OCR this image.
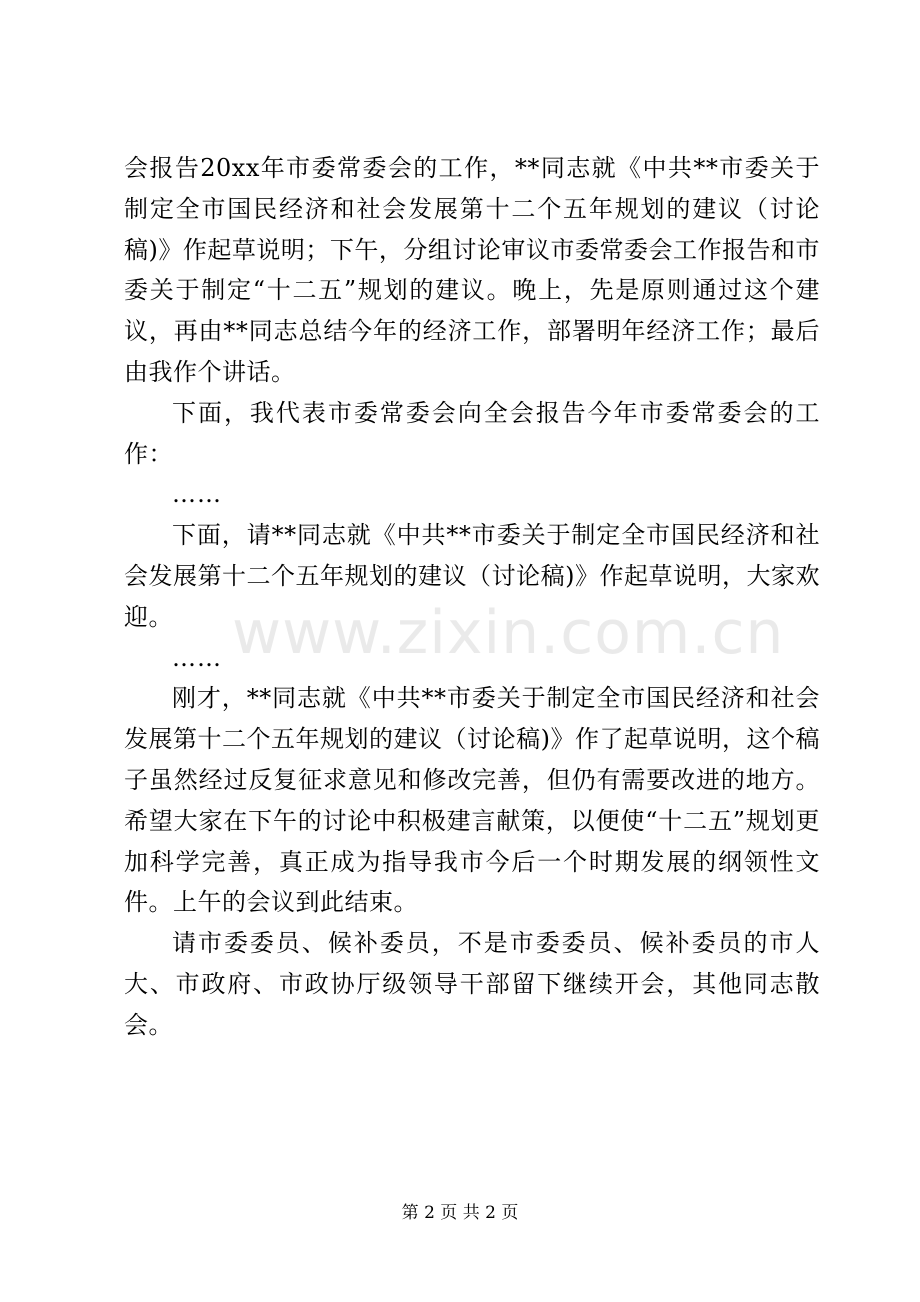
www.zixin.com.cn

会报告20xx年市委常委会的工作，**同志就《中共**市委关于制定全市国民经济和社会发展第十二个五年规划的建议（讨论稿)》作起草说明；下午，分组讨论审议市委常委会工作报告和市委关于制定“十二五”规划的建议。晚上，先是原则通过这个建议，再由**同志总结今年的经济工作，部署明年经济工作；最后由我作个讲话。

下面，我代表市委常委会向全会报告今年市委常委会的工作：

……

下面，请**同志就《中共**市委关于制定全市国民经济和社会发展第十二个五年规划的建议（讨论稿)》作起草说明，大家欢迎。

……

刚才，**同志就《中共**市委关于制定全市国民经济和社会发展第十二个五年规划的建议（讨论稿)》作了起草说明，这个稿子虽然经过反复征求意见和修改完善，但仍有需要改进的地方。希望大家在下午的讨论中积极建言献策，以便使“十二五”规划更加科学完善，真正成为指导我市今后一个时期发展的纲领性文件。上午的会议到此结束。

请市委委员、候补委员，不是市委委员、候补委员的市人大、市政府、市政协厅级领导干部留下继续开会，其他同志散会。

第 2 页 共 2 页
